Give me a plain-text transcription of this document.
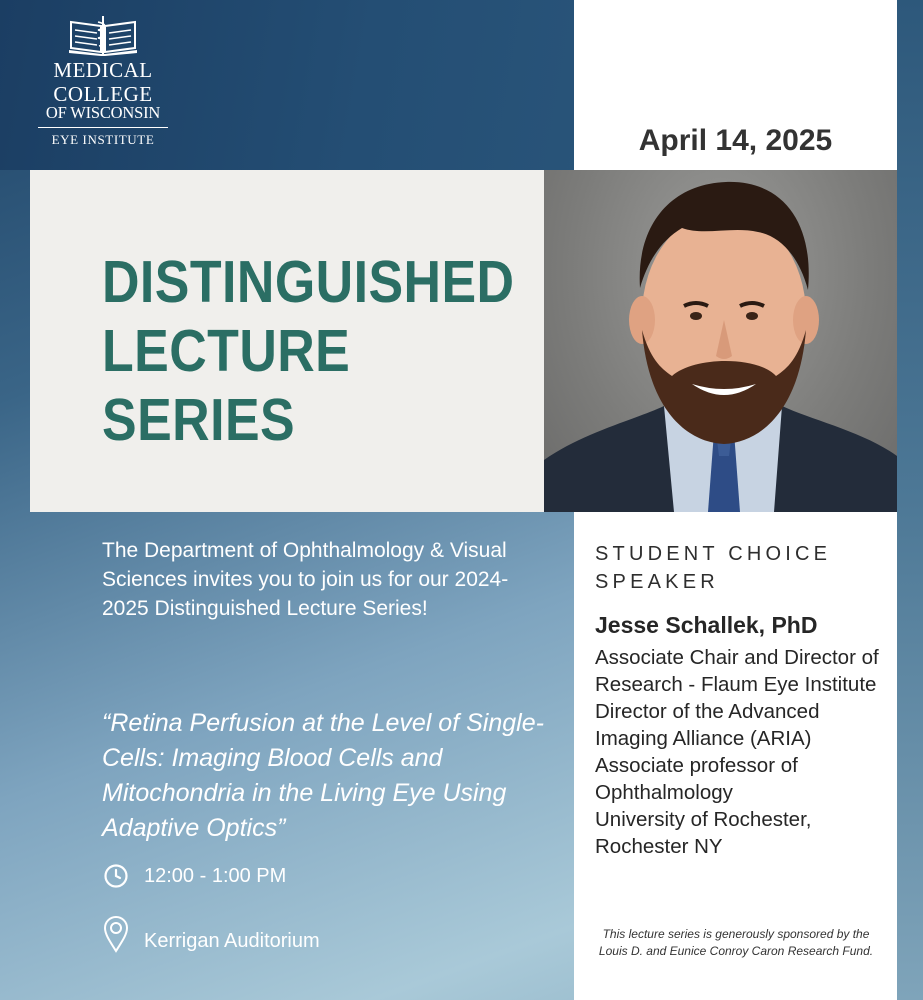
MEDICAL
COLLEGE
OF WISCONSIN
EYE INSTITUTE	April 14, 2025
DISTINGUISHED
LECTURE
SERIES
The Department of Ophthalmology & Visual Sciences invites you to join us for our 2024-2025 Distinguished Lecture Series!
“Retina Perfusion at the Level of Single-Cells: Imaging Blood Cells and Mitochondria in the Living Eye Using Adaptive Optics”
12:00 - 1:00 PM
Kerrigan Auditorium
STUDENT CHOICE SPEAKER
Jesse Schallek, PhD
Associate Chair and Director of Research - Flaum Eye Institute
Director of the Advanced Imaging Alliance (ARIA)
Associate professor of Ophthalmology
University of Rochester, Rochester NY
This lecture series is generously sponsored by the Louis D. and Eunice Conroy Caron Research Fund.
